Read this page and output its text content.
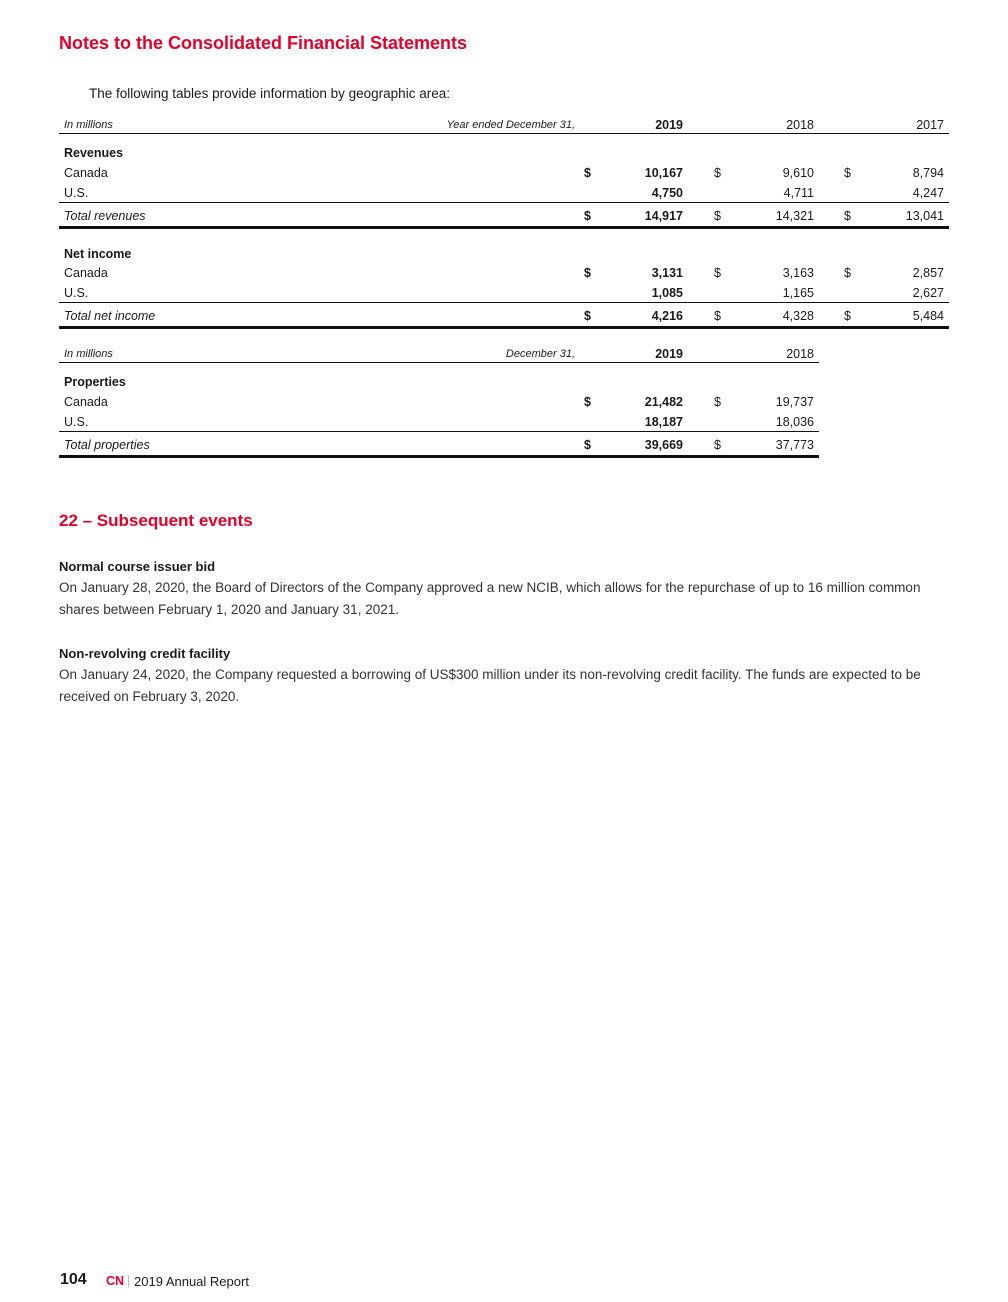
Notes to the Consolidated Financial Statements
The following tables provide information by geographic area:
In millions	Year ended December 31,	2019	2018	2017
Revenues
Canada	$	10,167 $	9,610 $	8,794
U.S.	4,750	4,711	4,247
Total revenues	$	14,917 $	14,321 $	13,041
Net income
Canada	$	3,131 $	3,163 $	2,857
U.S.	1,085	1,165	2,627
Total net income	$	4,216 $	4,328 $	5,484
In millions	December 31,	2019	2018
Properties
Canada	$	21,482 $	19,737
U.S.	18,187	18,036
Total properties	$	39,669 $	37,773
22 – Subsequent events
Normal course issuer bid
On January 28, 2020, the Board of Directors of the Company approved a new NCIB, which allows for the repurchase of up to 16 million common shares between February 1, 2020 and January 31, 2021.
Non-revolving credit facility
On January 24, 2020, the Company requested a borrowing of US$300 million under its non-revolving credit facility. The funds are expected to be received on February 3, 2020.
104 CN | 2019 Annual Report
